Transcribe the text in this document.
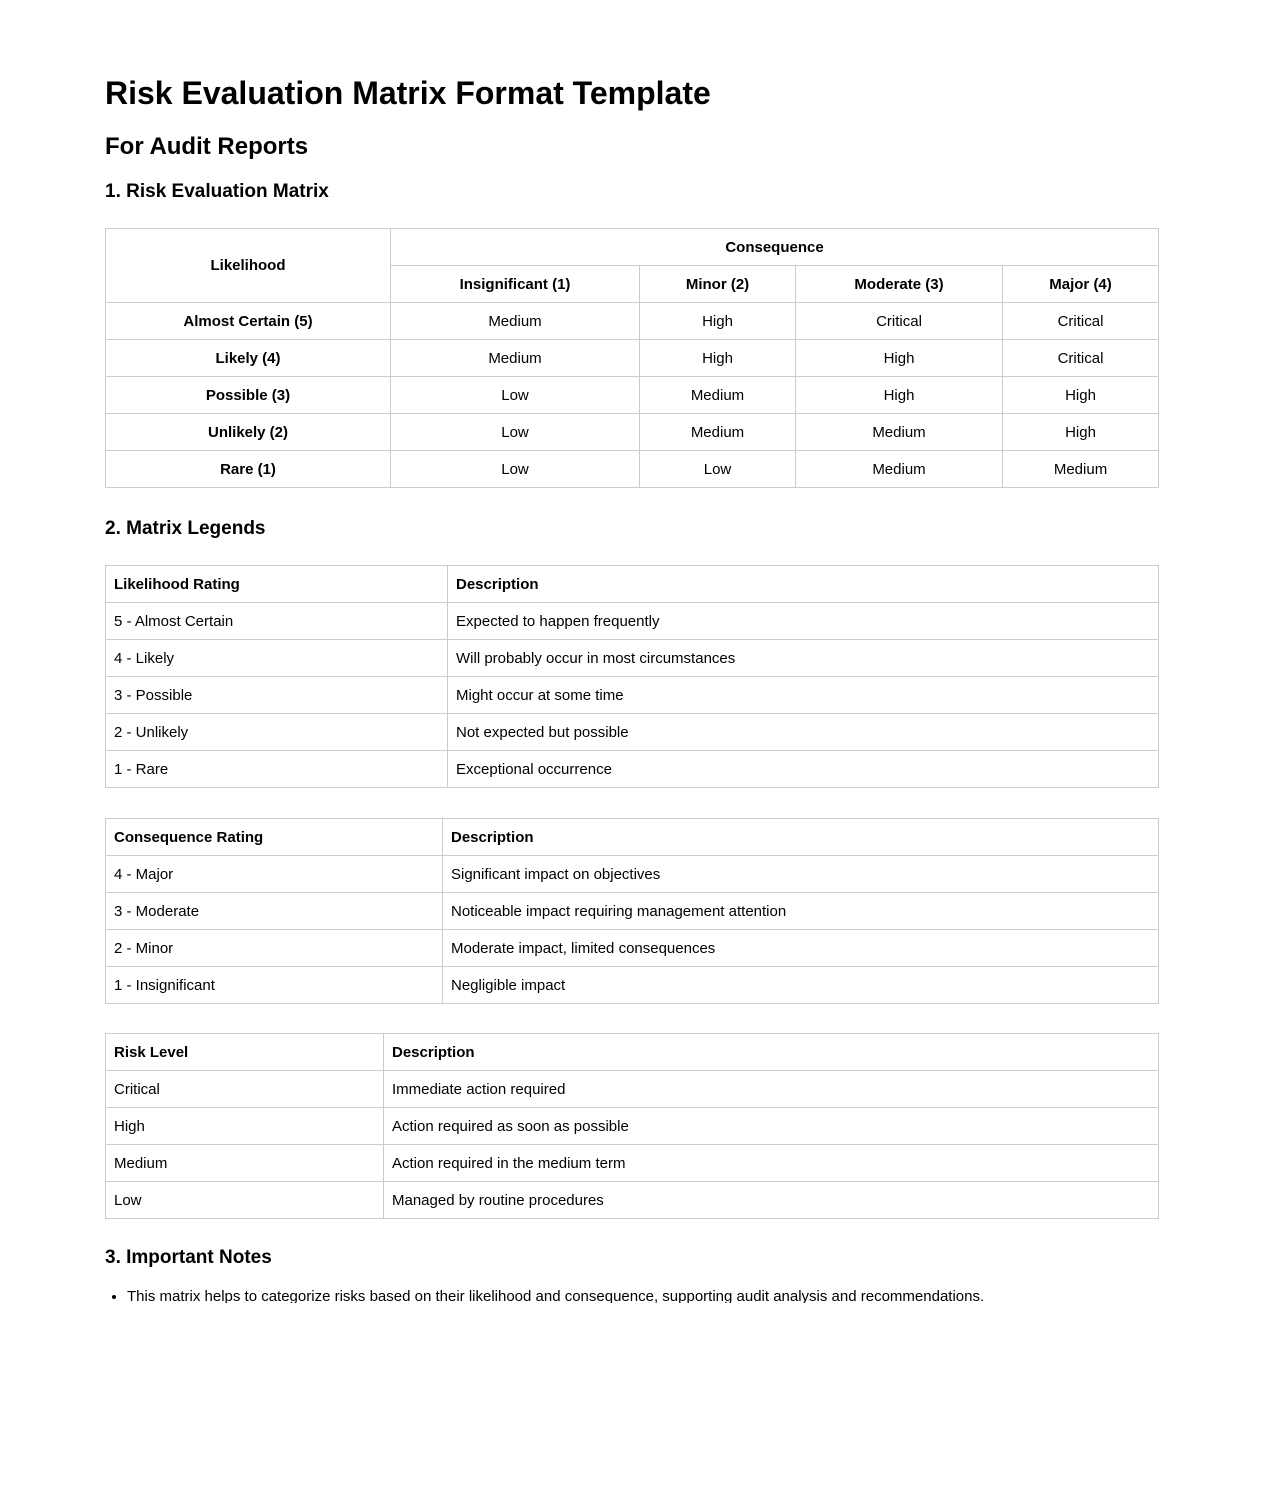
Risk Evaluation Matrix Format Template
For Audit Reports
1. Risk Evaluation Matrix
Likelihood	Consequence			
	Insignificant (1)	Minor (2)	Moderate (3)	Major (4)
Almost Certain (5)	Medium	High	Critical	Critical
Likely (4)	Medium	High	High	Critical
Possible (3)	Low	Medium	High	High
Unlikely (2)	Low	Medium	Medium	High
Rare (1)	Low	Low	Medium	Medium
2. Matrix Legends
Likelihood Rating	Description
5 - Almost Certain	Expected to happen frequently
4 - Likely	Will probably occur in most circumstances
3 - Possible	Might occur at some time
2 - Unlikely	Not expected but possible
1 - Rare	Exceptional occurrence
Consequence Rating	Description
4 - Major	Significant impact on objectives
3 - Moderate	Noticeable impact requiring management attention
2 - Minor	Moderate impact, limited consequences
1 - Insignificant	Negligible impact
Risk Level	Description
Critical	Immediate action required
High	Action required as soon as possible
Medium	Action required in the medium term
Low	Managed by routine procedures
3. Important Notes
• This matrix helps to categorize risks based on their likelihood and consequence, supporting audit analysis and recommendations.
